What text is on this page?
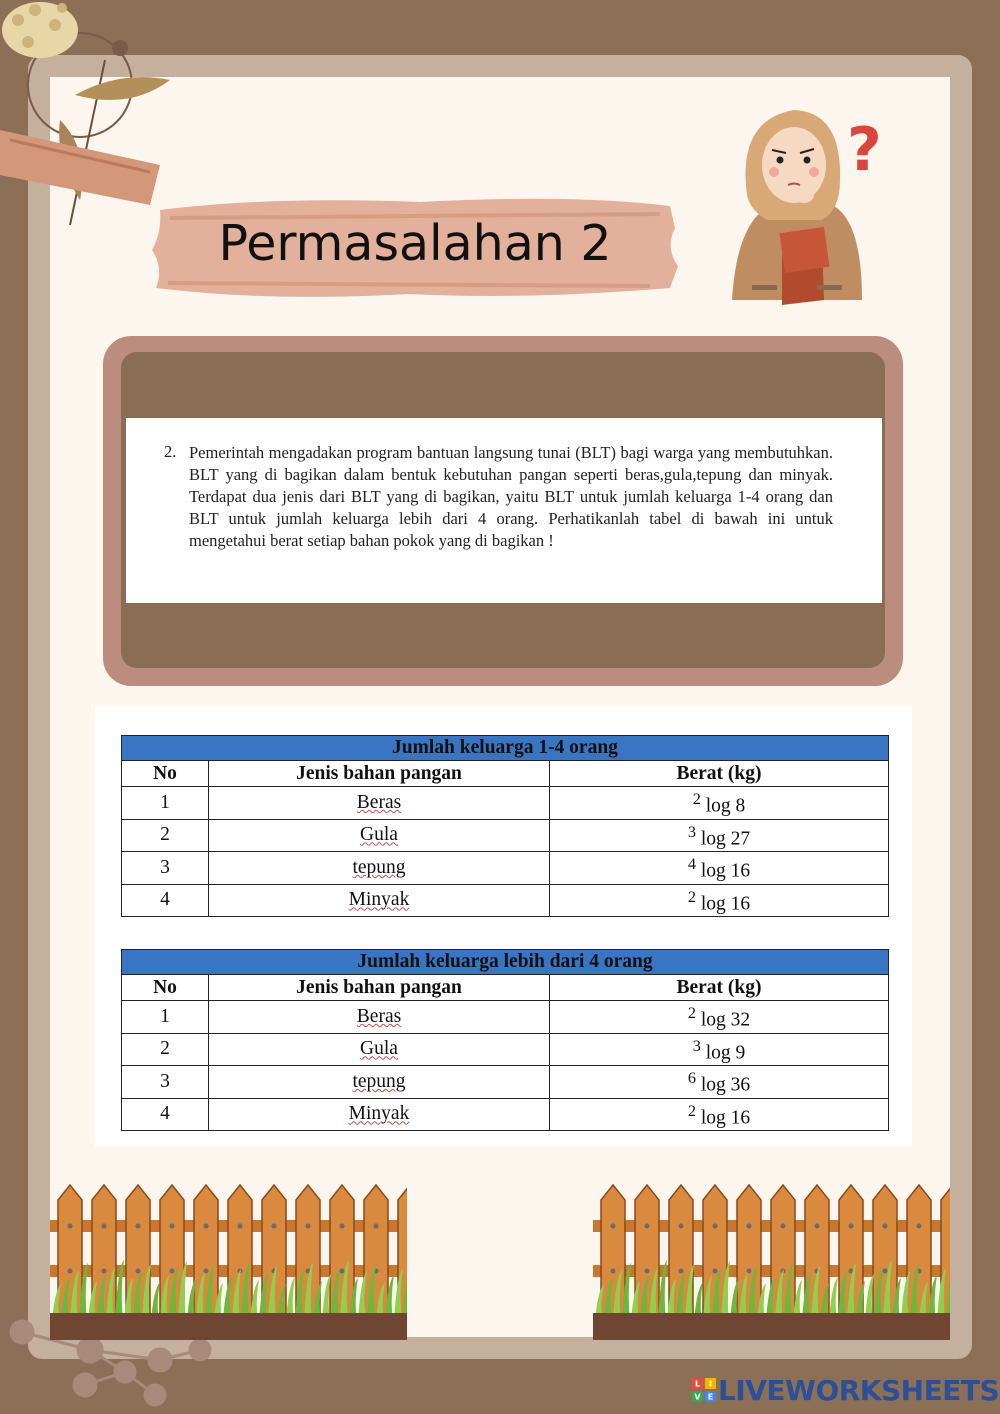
Permasalahan 2
?
2. Pemerintah mengadakan program bantuan langsung tunai (BLT) bagi warga yang membutuhkan. BLT yang di bagikan dalam bentuk kebutuhan pangan seperti beras,gula,tepung dan minyak. Terdapat dua jenis dari BLT yang di bagikan, yaitu BLT untuk jumlah keluarga 1-4 orang dan BLT untuk jumlah keluarga lebih dari 4 orang. Perhatikanlah tabel di bawah ini untuk mengetahui berat setiap bahan pokok yang di bagikan !
Jumlah keluarga 1-4 orang		
No	Jenis bahan pangan	Berat (kg)
1	Beras	$^2$ log 8
2	Gula	$^3$ log 27
3	tepung	$^4$ log 16
4	Minyak	$^2$ log 16
Jumlah keluarga lebih dari 4 orang		
No	Jenis bahan pangan	Berat (kg)
1	Beras	$^2$ log 32
2	Gula	$^3$ log 9
3	tepung	$^6$ log 36
4	Minyak	$^2$ log 16
L I
V E LIVEWORKSHEETS
